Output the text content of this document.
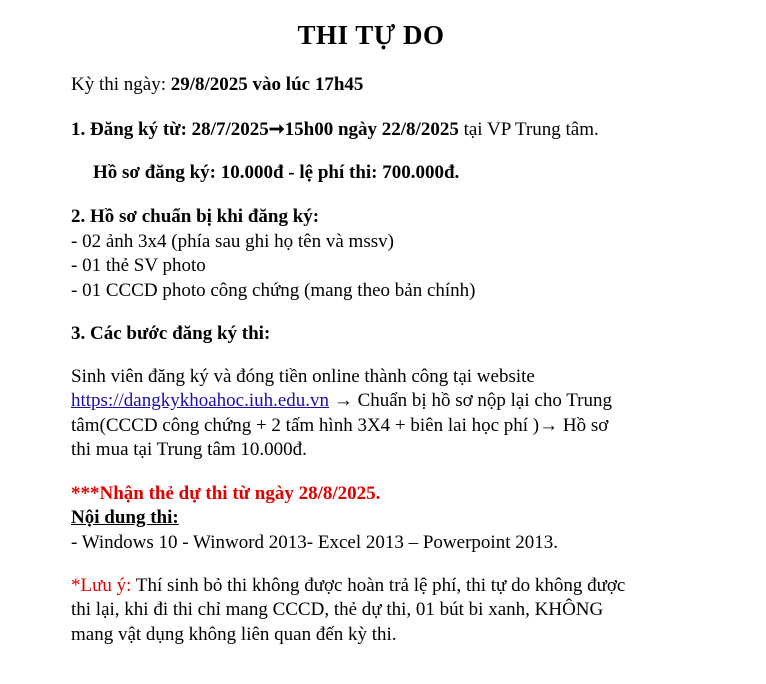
THI TỰ DO
Kỳ thi ngày: 29/8/2025 vào lúc 17h45
1. Đăng ký từ: 28/7/2025➞15h00 ngày 22/8/2025 tại VP Trung tâm.
Hồ sơ đăng ký: 10.000đ - lệ phí thi: 700.000đ.
2. Hồ sơ chuẩn bị khi đăng ký:
- 02 ảnh 3x4 (phía sau ghi họ tên và mssv)
- 01 thẻ SV photo
- 01 CCCD photo công chứng (mang theo bản chính)
3. Các bước đăng ký thi:
Sinh viên đăng ký và đóng tiền online thành công tại website
https://dangkykhoahoc.iuh.edu.vn → Chuẩn bị hồ sơ nộp lại cho Trung
tâm(CCCD công chứng + 2 tấm hình 3X4 + biên lai học phí )→ Hồ sơ
thi mua tại Trung tâm 10.000đ.
***Nhận thẻ dự thi từ ngày 28/8/2025.
Nội dung thi:
- Windows 10 - Winword 2013- Excel 2013 – Powerpoint 2013.
*Lưu ý: Thí sinh bỏ thi không được hoàn trả lệ phí, thi tự do không được
thi lại, khi đi thi chỉ mang CCCD, thẻ dự thi, 01 bút bi xanh, KHÔNG
mang vật dụng không liên quan đến kỳ thi.
